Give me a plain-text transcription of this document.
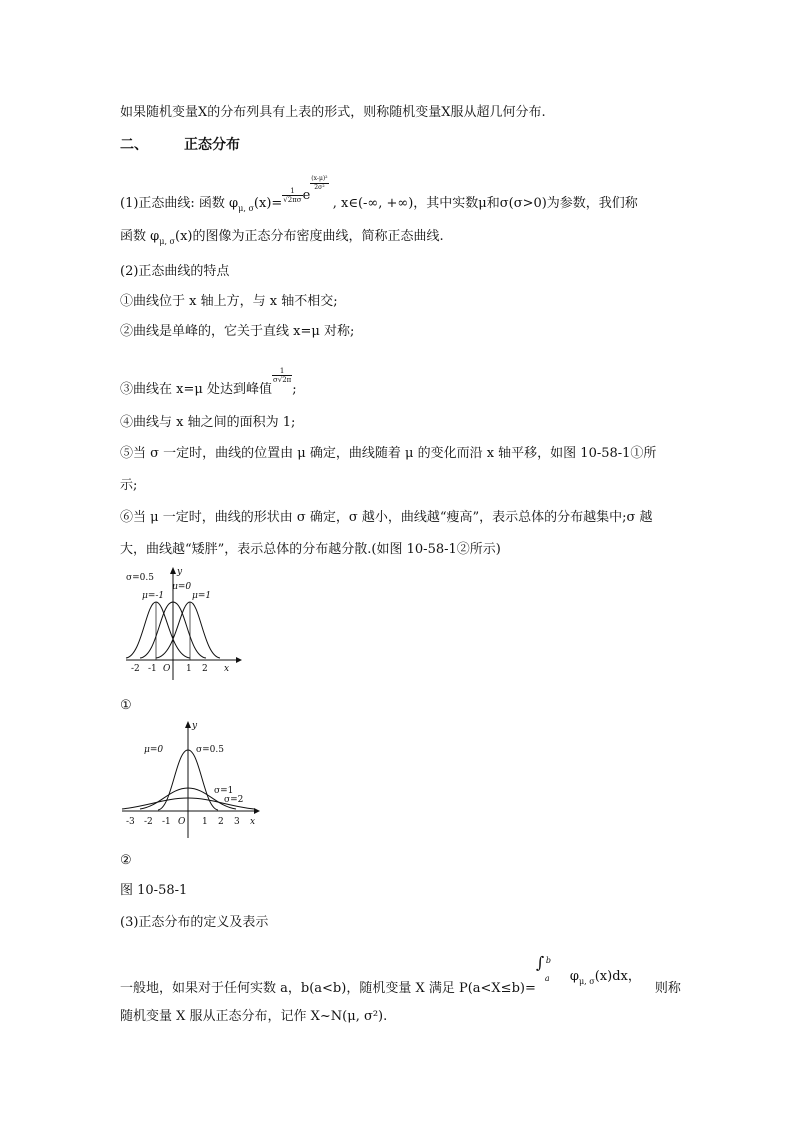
如果随机变量X的分布列具有上表的形式，则称随机变量X服从超几何分布.
二、	正态分布
(1)正态曲线: 函数 $\varphi_{\mu, \sigma}(x)= \frac{1}{√2\pi\sigma}$ e
$\frac{\text{(x-μ)²}}{\text{2σ²}}$
, x∈(-∞, +∞)，其中实数μ和σ(σ>0)为参数，我们称
函数 $\varphi_{\mu, \sigma}(x)$的图像为正态分布密度曲线，简称正态曲线.
(2)正态曲线的特点
①曲线位于 x 轴上方，与 x 轴不相交;
②曲线是单峰的，它关于直线 x=μ 对称;
③曲线在 x=μ 处达到峰值
$\frac{1}{\sigma√2\pi}$
;
④曲线与 x 轴之间的面积为 1;
⑤当 σ 一定时，曲线的位置由 μ 确定，曲线随着 μ 的变化而沿 x 轴平移，如图 10-58-1①所
示;
⑥当 μ 一定时，曲线的形状由 σ 确定，σ 越小，曲线越“瘦高”，表示总体的分布越集中;σ 越
大，曲线越“矮胖”，表示总体的分布越分散.(如图 10-58-1②所示)
σ=0.5
μ=-1
μ=0
μ=1
y
x
-2 -1 O 1 2
①
μ=0	σ=0.5
σ=1
σ=2
y
x
-3 -2 -1 O 1 2 3
②
图 10-58-1
(3)正态分布的定义及表示
一般地，如果对于任何实数 a，b(a<b)，随机变量 X 满足 P(a<X≤b)=
∫ b
a $\varphi_{\mu, \sigma}(x)dx$，则称
随机变量 X 服从正态分布，记作 X~N(μ, σ²).
